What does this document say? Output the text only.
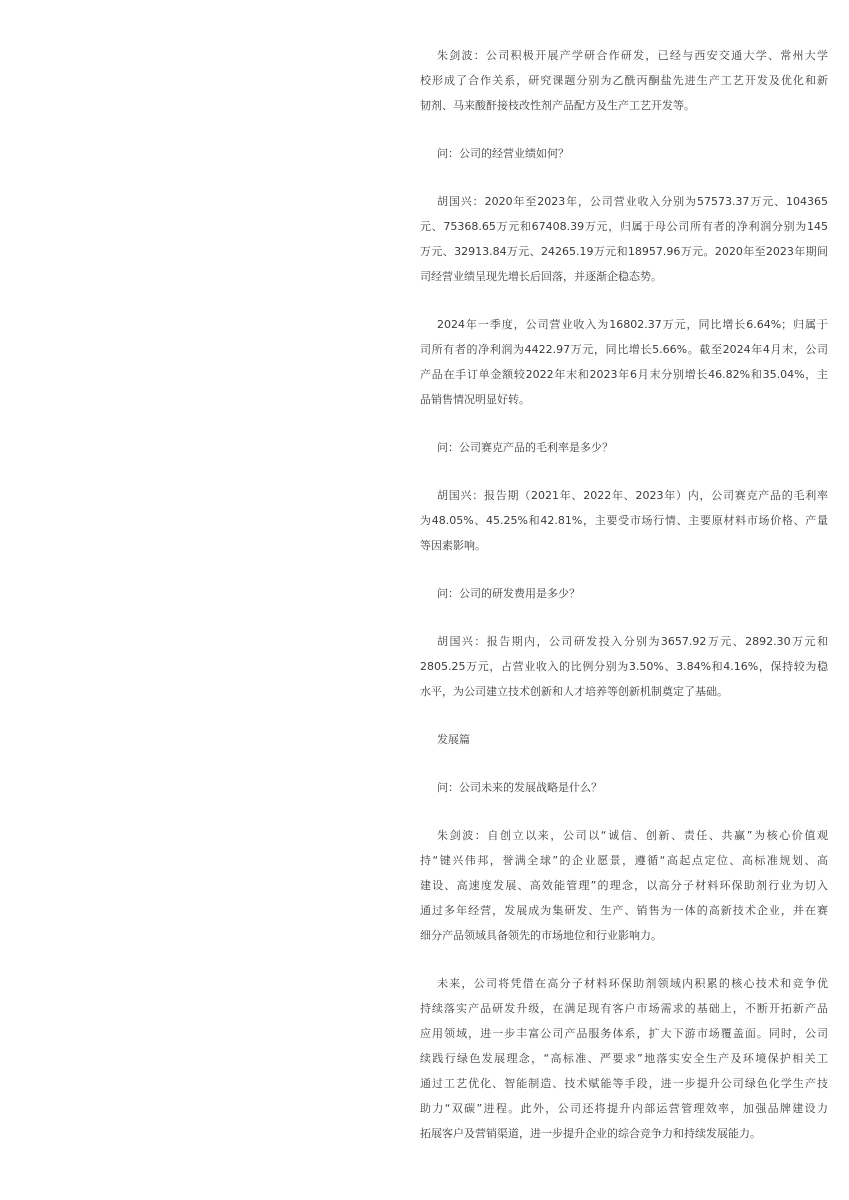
朱剑波：公司积极开展产学研合作研发，已经与西安交通大学、常州大学
校形成了合作关系，研究课题分别为乙酰丙酮盐先进生产工艺开发及优化和新
韧剂、马来酸酐接枝改性剂产品配方及生产工艺开发等。
问：公司的经营业绩如何？
胡国兴：2020年至2023年，公司营业收入分别为57573.37万元、104365
元、75368.65万元和67408.39万元，归属于母公司所有者的净利润分别为145
万元、32913.84万元、24265.19万元和18957.96万元。2020年至2023年期间
司经营业绩呈现先增长后回落，并逐渐企稳态势。
2024年一季度，公司营业收入为16802.37万元，同比增长6.64%；归属于
司所有者的净利润为4422.97万元，同比增长5.66%。截至2024年4月末，公司
产品在手订单金额较2022年末和2023年6月末分别增长46.82%和35.04%，主
品销售情况明显好转。
问：公司赛克产品的毛利率是多少？
胡国兴：报告期（2021年、2022年、2023年）内，公司赛克产品的毛利率
为48.05%、45.25%和42.81%，主要受市场行情、主要原材料市场价格、产量
等因素影响。
问：公司的研发费用是多少？
胡国兴：报告期内，公司研发投入分别为3657.92万元、2892.30万元和
2805.25万元，占营业收入的比例分别为3.50%、3.84%和4.16%，保持较为稳
水平，为公司建立技术创新和人才培养等创新机制奠定了基础。
发展篇
问：公司未来的发展战略是什么？
朱剑波：自创立以来，公司以“诚信、创新、责任、共赢”为核心价值观
持“键兴伟邦，誉满全球”的企业愿景，遵循“高起点定位、高标准规划、高
建设、高速度发展、高效能管理”的理念，以高分子材料环保助剂行业为切入
通过多年经营，发展成为集研发、生产、销售为一体的高新技术企业，并在赛
细分产品领域具备领先的市场地位和行业影响力。
未来，公司将凭借在高分子材料环保助剂领域内积累的核心技术和竞争优
持续落实产品研发升级，在满足现有客户市场需求的基础上，不断开拓新产品
应用领域，进一步丰富公司产品服务体系，扩大下游市场覆盖面。同时，公司
续践行绿色发展理念，“高标准、严要求”地落实安全生产及环境保护相关工
通过工艺优化、智能制造、技术赋能等手段，进一步提升公司绿色化学生产技
助力“双碳”进程。此外，公司还将提升内部运营管理效率，加强品牌建设力
拓展客户及营销渠道，进一步提升企业的综合竞争力和持续发展能力。
